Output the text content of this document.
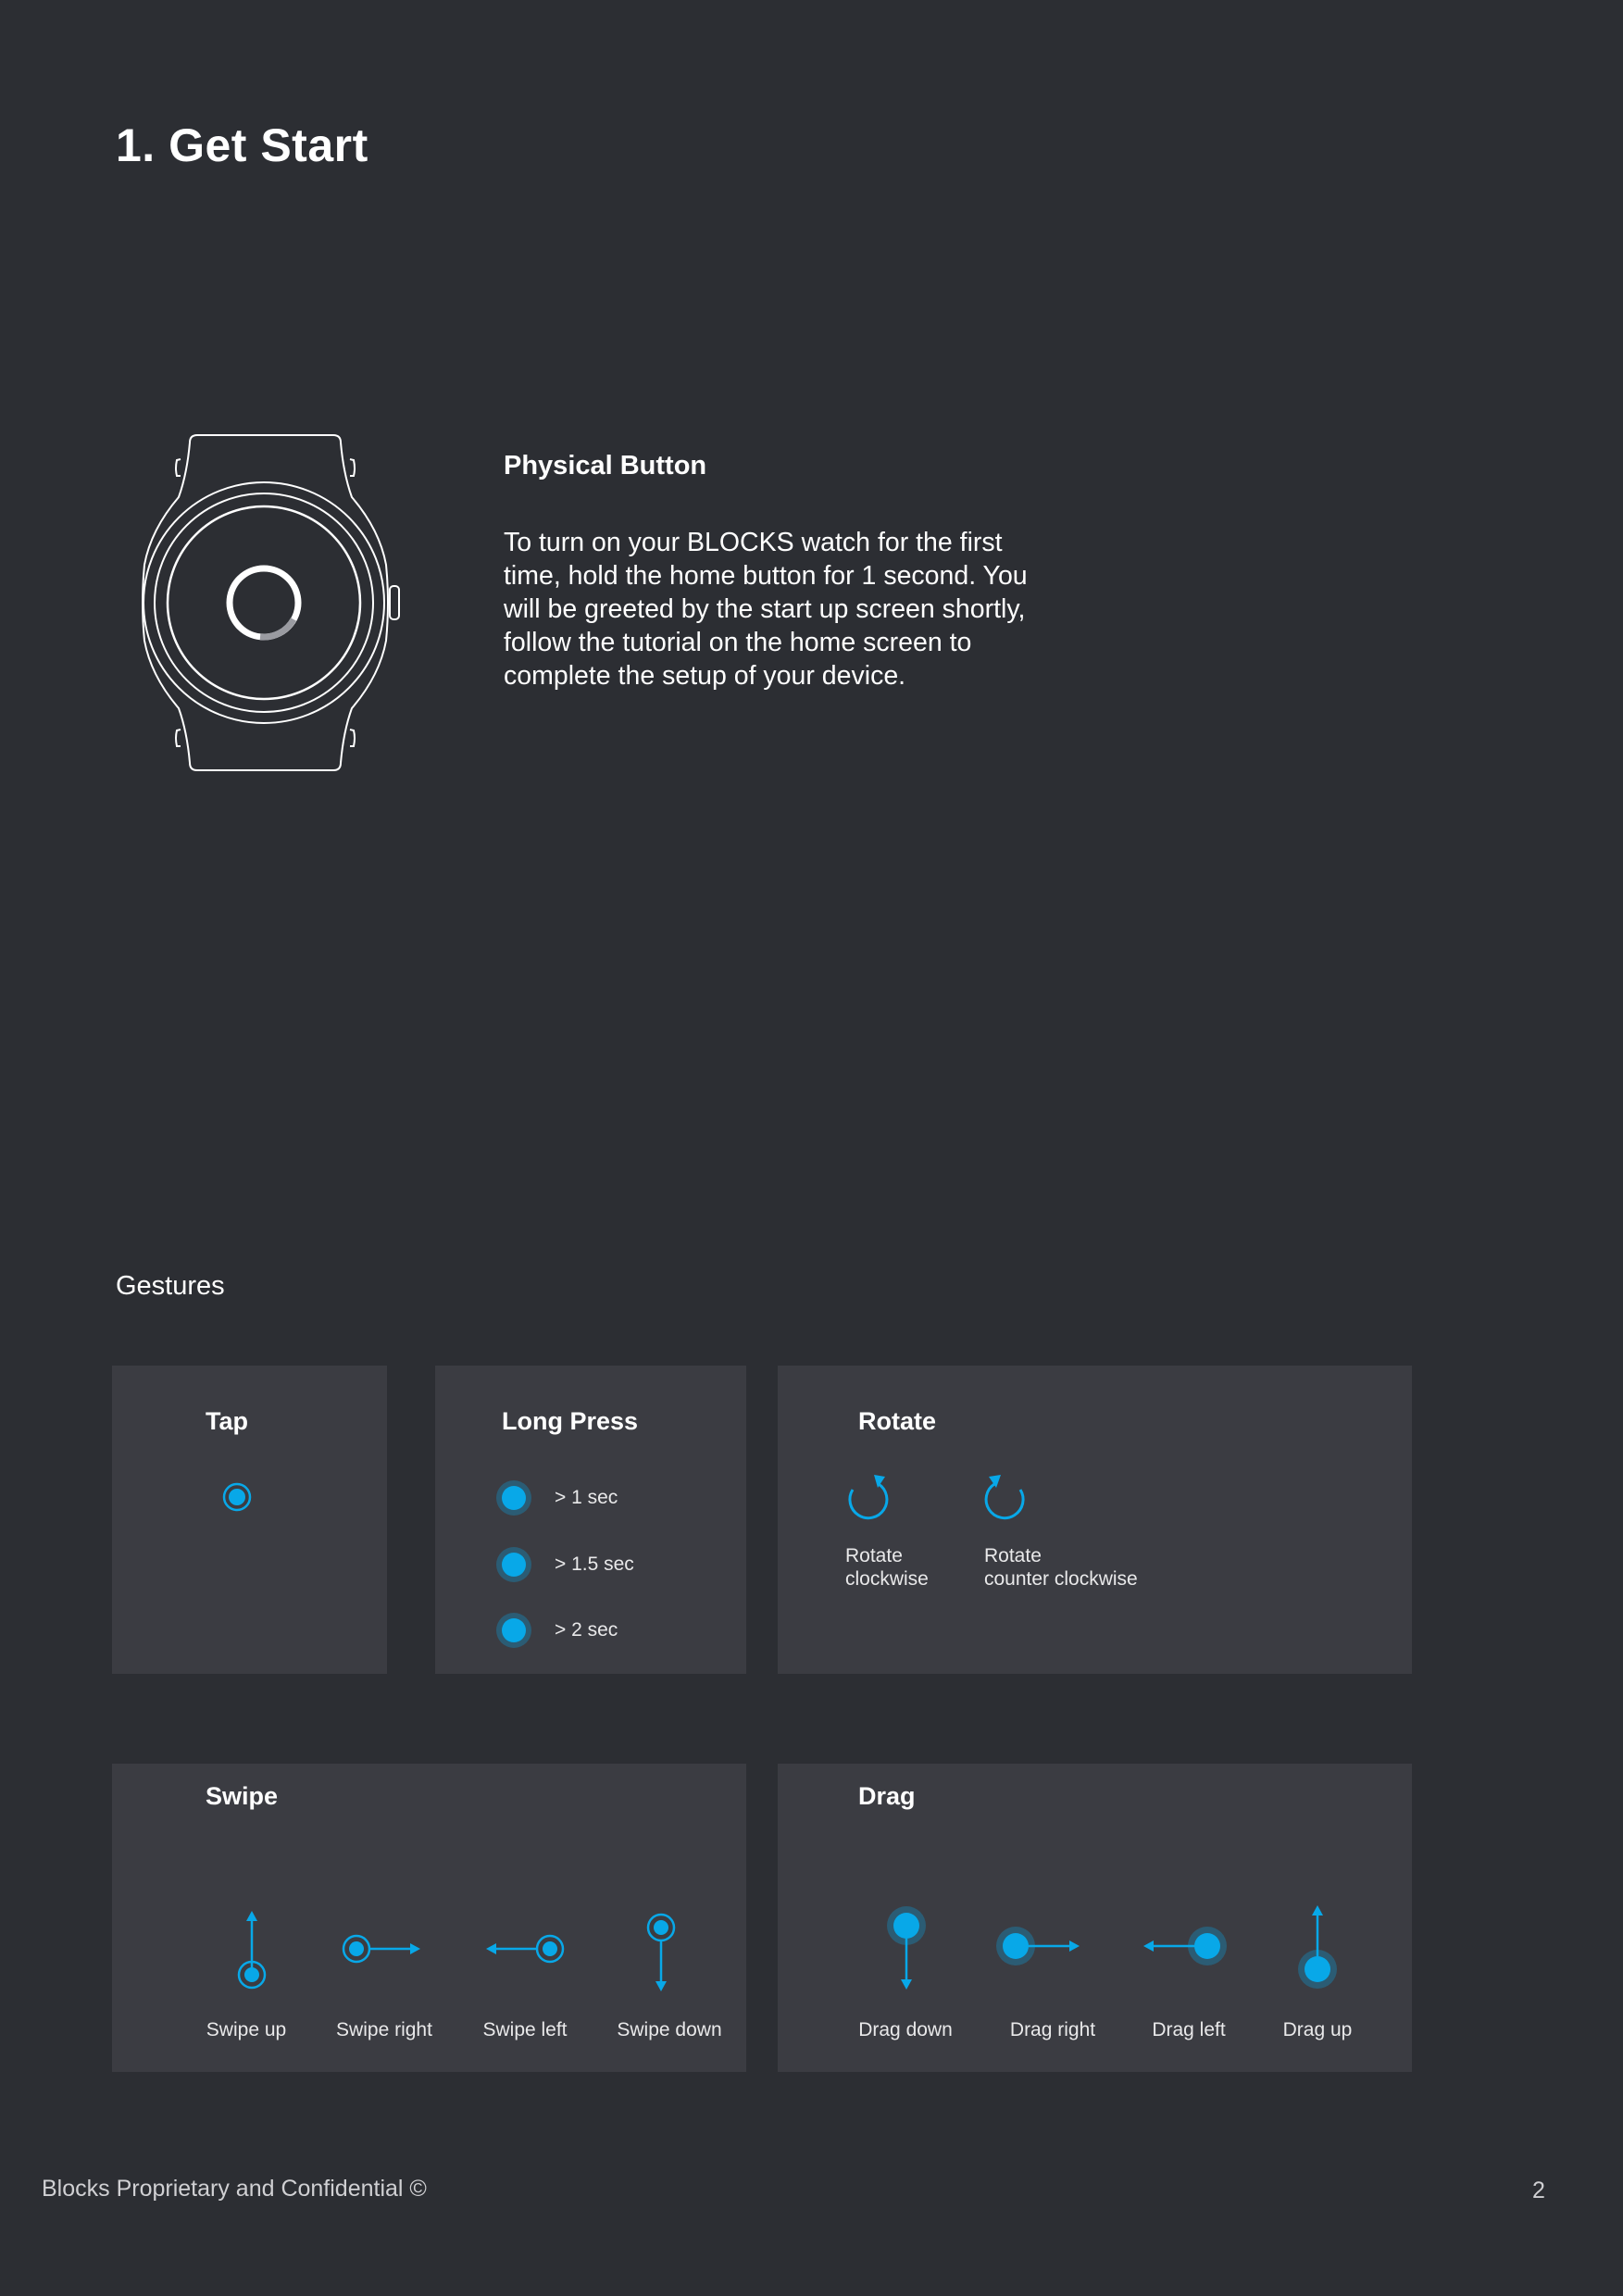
1. Get Start
Physical Button
To turn on your BLOCKS watch for the first time, hold the home button for 1 second. You will be greeted by the start up screen shortly, follow the tutorial on the home screen to complete the setup of your device.
Gestures
Tap	Long Press
> 1 sec
> 1.5 sec
> 2 sec
Rotate
Rotate
clockwise
Rotate
counter clockwise
Swipe
Swipe up	Swipe right	Swipe left	Swipe down
Drag
Drag down	Drag right	Drag left	Drag up
Blocks Proprietary and Confidential ©	2
